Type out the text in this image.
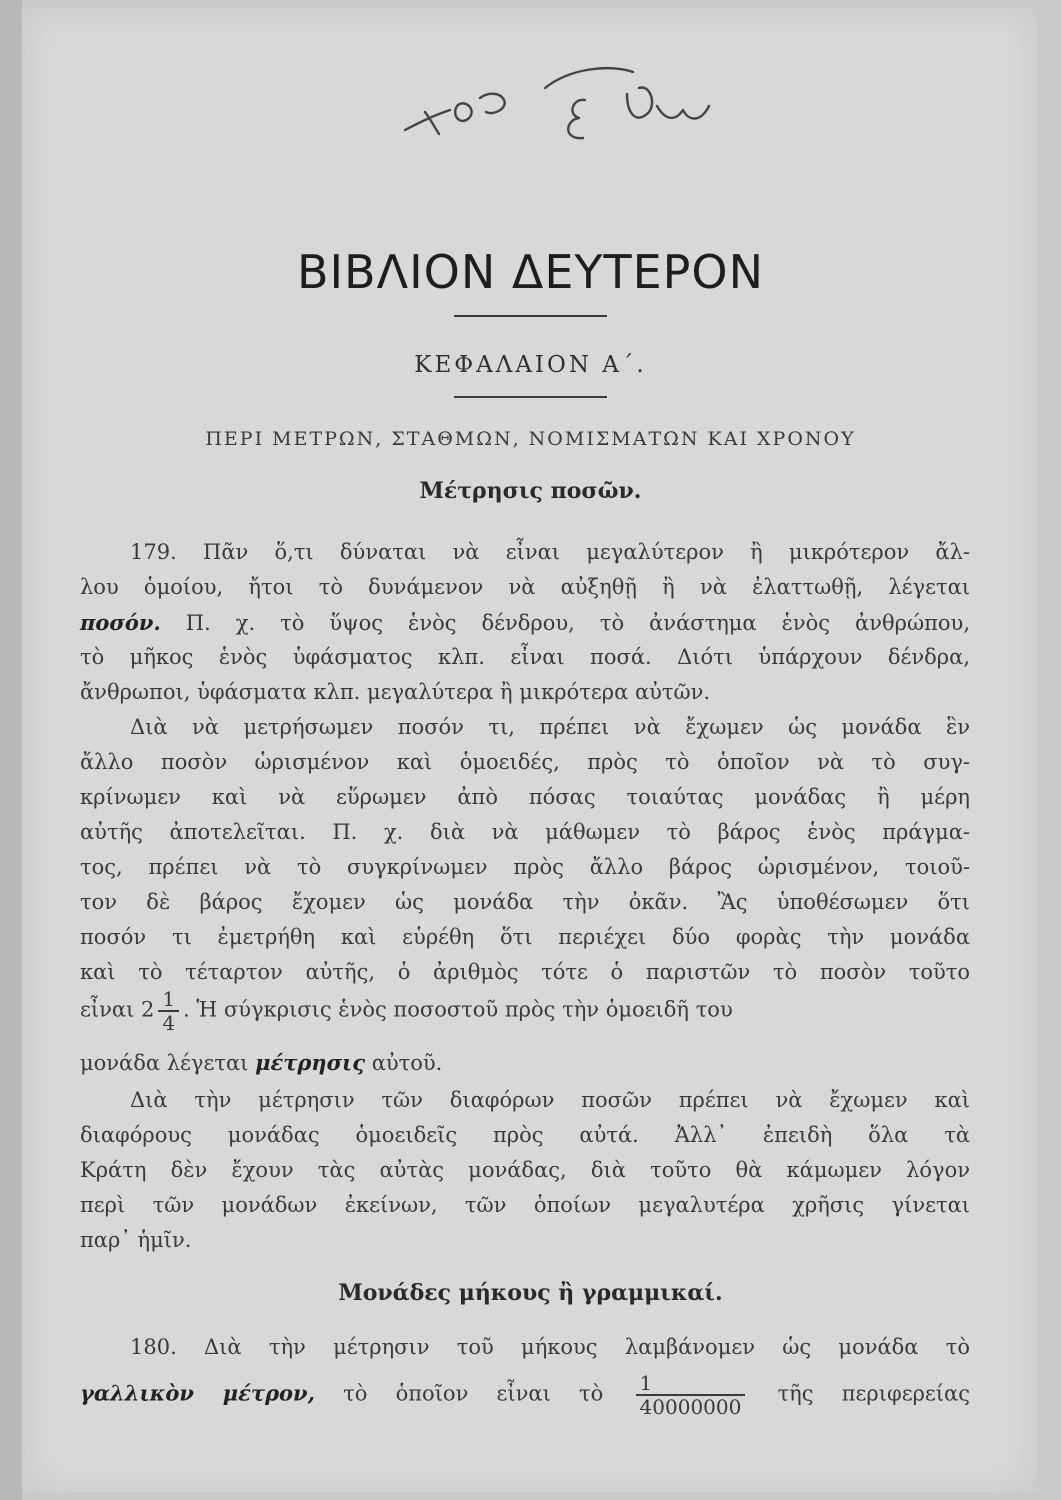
ΒΙΒΛΙΟΝ ΔΕΥΤΕΡΟΝ
ΚΕΦΑΛΑΙΟΝ Α΄.
ΠΕΡΙ ΜΕΤΡΩΝ, ΣΤΑΘΜΩΝ, ΝΟΜΙΣΜΑΤΩΝ ΚΑΙ ΧΡΟΝΟΥ
Μέτρησις ποσῶν.
179. Πᾶν ὅ,τι δύναται νὰ εἶναι μεγαλύτερον ἢ μικρότερον ἄλ-
λου ὁμοίου, ἤτοι τὸ δυνάμενον νὰ αὐξηθῇ ἢ νὰ ἐλαττωθῇ, λέγεται
ποσόν. Π. χ. τὸ ὕψος ἑνὸς δένδρου, τὸ ἀνάστημα ἑνὸς ἀνθρώπου,
τὸ μῆκος ἑνὸς ὑφάσματος κλπ. εἶναι ποσά. Διότι ὑπάρχουν δένδρα,
ἄνθρωποι, ὑφάσματα κλπ. μεγαλύτερα ἢ μικρότερα αὐτῶν.
Διὰ νὰ μετρήσωμεν ποσόν τι, πρέπει νὰ ἔχωμεν ὡς μονάδα ἓν
ἄλλο ποσὸν ὡρισμένον καὶ ὁμοειδές, πρὸς τὸ ὁποῖον νὰ τὸ συγ-
κρίνωμεν καὶ νὰ εὕρωμεν ἀπὸ πόσας τοιαύτας μονάδας ἢ μέρη
αὐτῆς ἀποτελεῖται. Π. χ. διὰ νὰ μάθωμεν τὸ βάρος ἑνὸς πράγμα-
τος, πρέπει νὰ τὸ συγκρίνωμεν πρὸς ἄλλο βάρος ὡρισμένον, τοιοῦ-
τον δὲ βάρος ἔχομεν ὡς μονάδα τὴν ὀκᾶν. Ἂς ὑποθέσωμεν ὅτι
ποσόν τι ἐμετρήθη καὶ εὑρέθη ὅτι περιέχει δύο φορὰς τὴν μονάδα
καὶ τὸ τέταρτον αὐτῆς, ὁ ἀριθμὸς τότε ὁ παριστῶν τὸ ποσὸν τοῦτο
εἶναι $2 \frac{1}{4}$ . Ἡ σύγκρισις ἑνὸς ποσοστοῦ πρὸς τὴν ὁμοειδῆ του
μονάδα λέγεται μέτρησις αὐτοῦ.
Διὰ τὴν μέτρησιν τῶν διαφόρων ποσῶν πρέπει νὰ ἔχωμεν καὶ
διαφόρους μονάδας ὁμοειδεῖς πρὸς αὐτά. Ἀλλ᾽ ἐπειδὴ ὅλα τὰ
Κράτη δὲν ἔχουν τὰς αὐτὰς μονάδας, διὰ τοῦτο θὰ κάμωμεν λόγον
περὶ τῶν μονάδων ἐκείνων, τῶν ὁποίων μεγαλυτέρα χρῆσις γίνεται
παρ᾽ ἡμῖν.
Μονάδες μήκους ἢ γραμμικαί.
180. Διὰ τὴν μέτρησιν τοῦ μήκους λαμβάνομεν ὡς μονάδα τὸ
γαλλικὸν μέτρον, τὸ ὁποῖον εἶναι τὸ $\frac{1}{40000000}$ τῆς περιφερείας
